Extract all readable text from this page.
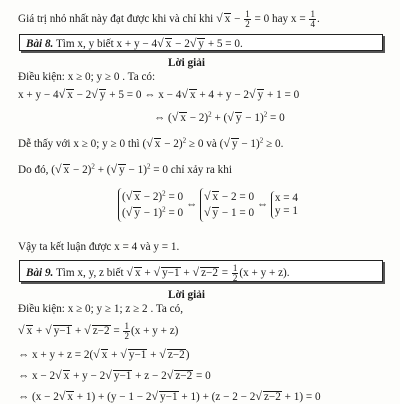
Giá trị nhỏ nhất này đạt được khi và chỉ khi √ $x - \frac{1}{2} = 0$ hay $x = \frac{1}{4}$ .
Bài 8. Tìm x, y biết x + y − 4√ x − 2√ y + 5 = 0.
Lời giải
Điều kiện: x ≥ 0; y ≥ 0 . Ta có:
x + y − 4√ x − 2√ y + 5 = 0 ⇔ x − 4√ x + 4 + y − 2√ y + 1 = 0
⇔ (√ x − 2)$^2$ + (√ y − 1)$^2$ = 0
Dễ thấy với x ≥ 0; y ≥ 0 thì (√ x − 2)$^2$ ≥ 0 và (√ y − 1)$^2$ ≥ 0.
Do đó, (√ x − 2)$^2$ + (√ y − 1)$^2$ = 0 chỉ xảy ra khi
(√ x − 2)$^2$ = 0
(√ y − 1)$^2$ = 0
⇔
√ x − 2 = 0
√ y − 1 = 0
⇔
x = 4
y = 1
Vậy ta kết luận được x = 4 và y = 1.
Bài 9. Tìm x, y, z biết √ x + √ y−1 + √ $z-2 = \frac{1}{2} (x + y + z)$.
Lời giải
Điều kiện: x ≥ 0; y ≥ 1; z ≥ 2 . Ta có,
√ x + √ y−1 + √ $z-2 = \frac{1}{2} (x + y + z)$
⇔ x + y + z = 2(√ x + √ y−1 + √ z−2)
⇔ x − 2√ x + y − 2√ y−1 + z − 2√ z−2 = 0
⇔ (x − 2√ x + 1) + (y − 1 − 2√ y−1 + 1) + (z − 2 − 2√ z−2 + 1) = 0
